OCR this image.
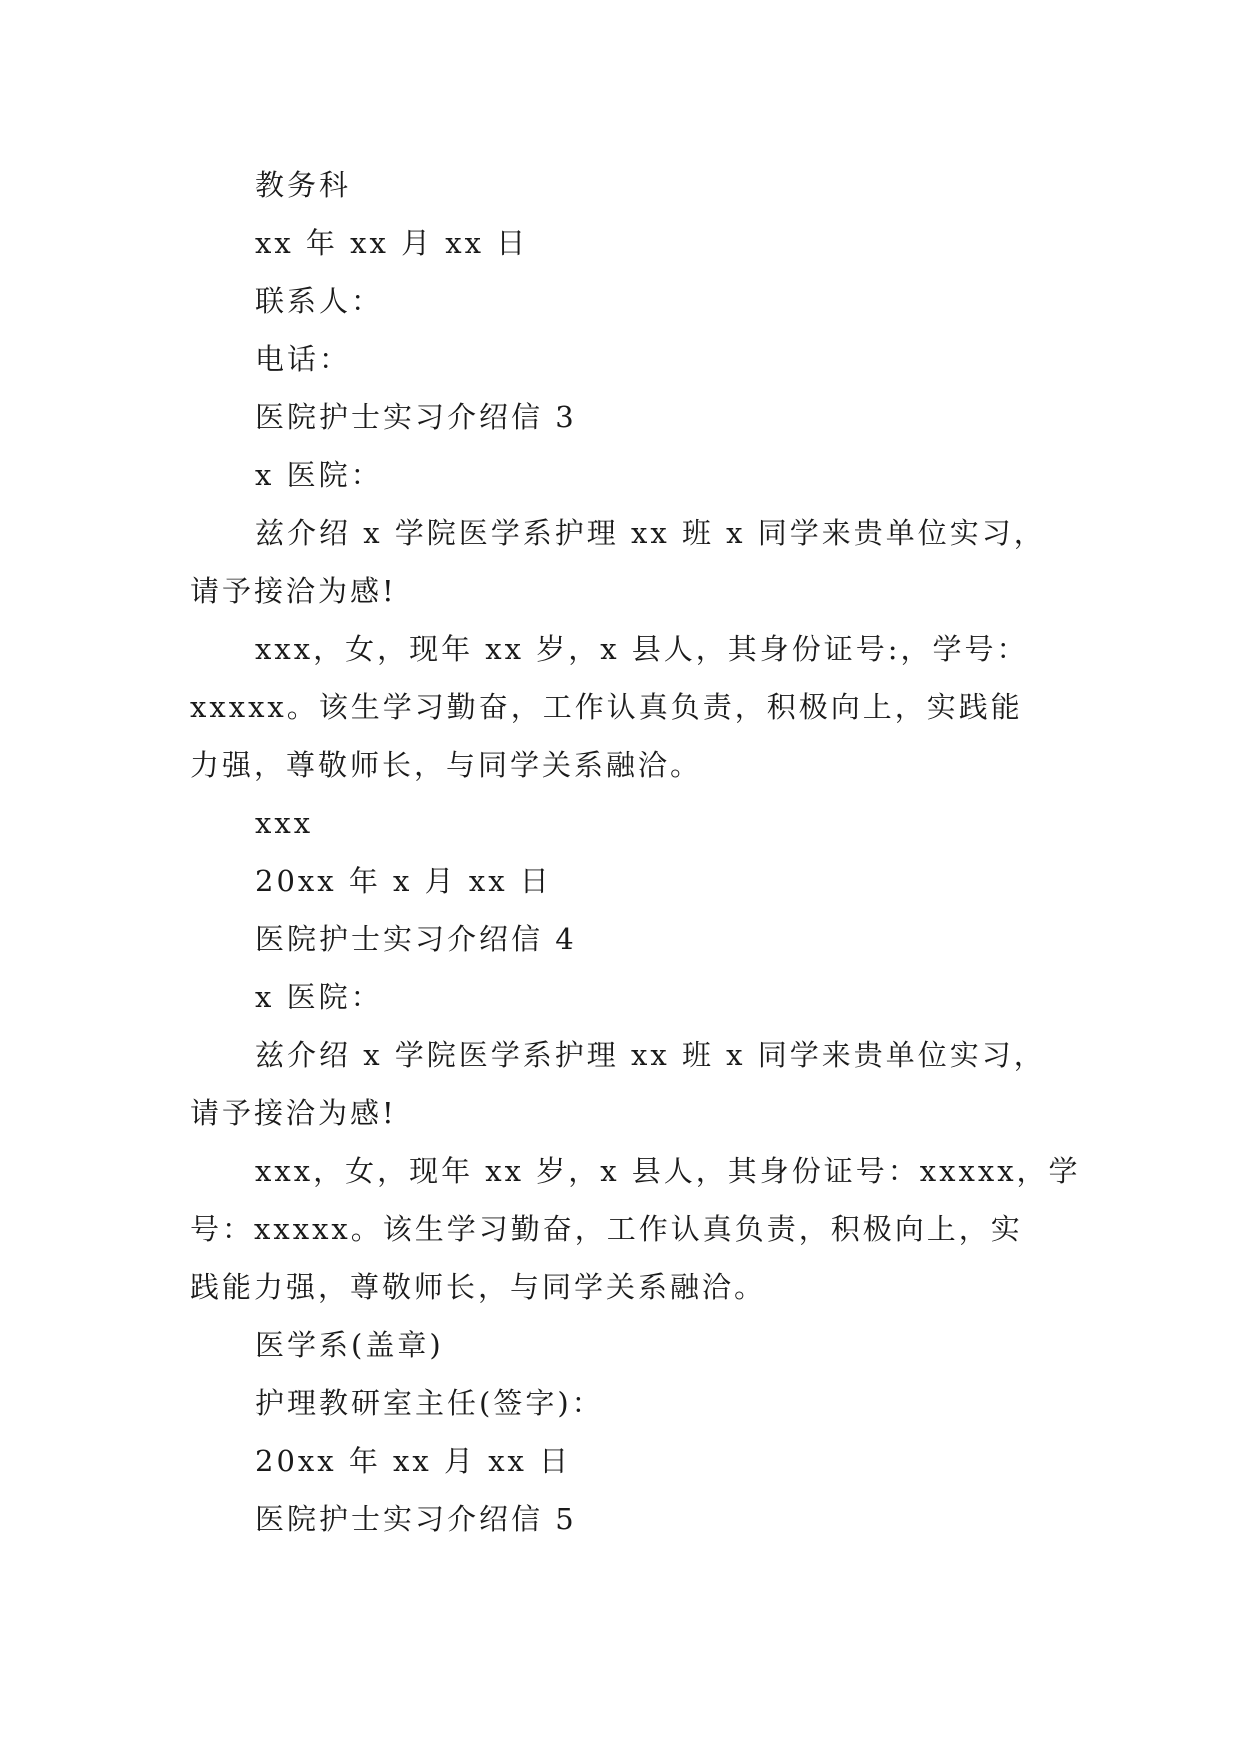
教务科
xx 年 xx 月 xx 日
联系人：
电话：
医院护士实习介绍信 3
x 医院：
兹介绍 x 学院医学系护理 xx 班 x 同学来贵单位实习，
请予接洽为感!
xxx，女，现年 xx 岁，x 县人，其身份证号:，学号：
xxxxx。该生学习勤奋，工作认真负责，积极向上，实践能
力强，尊敬师长，与同学关系融洽。
xxx
20xx 年 x 月 xx 日
医院护士实习介绍信 4
x 医院：
兹介绍 x 学院医学系护理 xx 班 x 同学来贵单位实习，
请予接洽为感!
xxx，女，现年 xx 岁，x 县人，其身份证号：xxxxx，学
号：xxxxx。该生学习勤奋，工作认真负责，积极向上，实
践能力强，尊敬师长，与同学关系融洽。
医学系(盖章)
护理教研室主任(签字)：
20xx 年 xx 月 xx 日
医院护士实习介绍信 5
